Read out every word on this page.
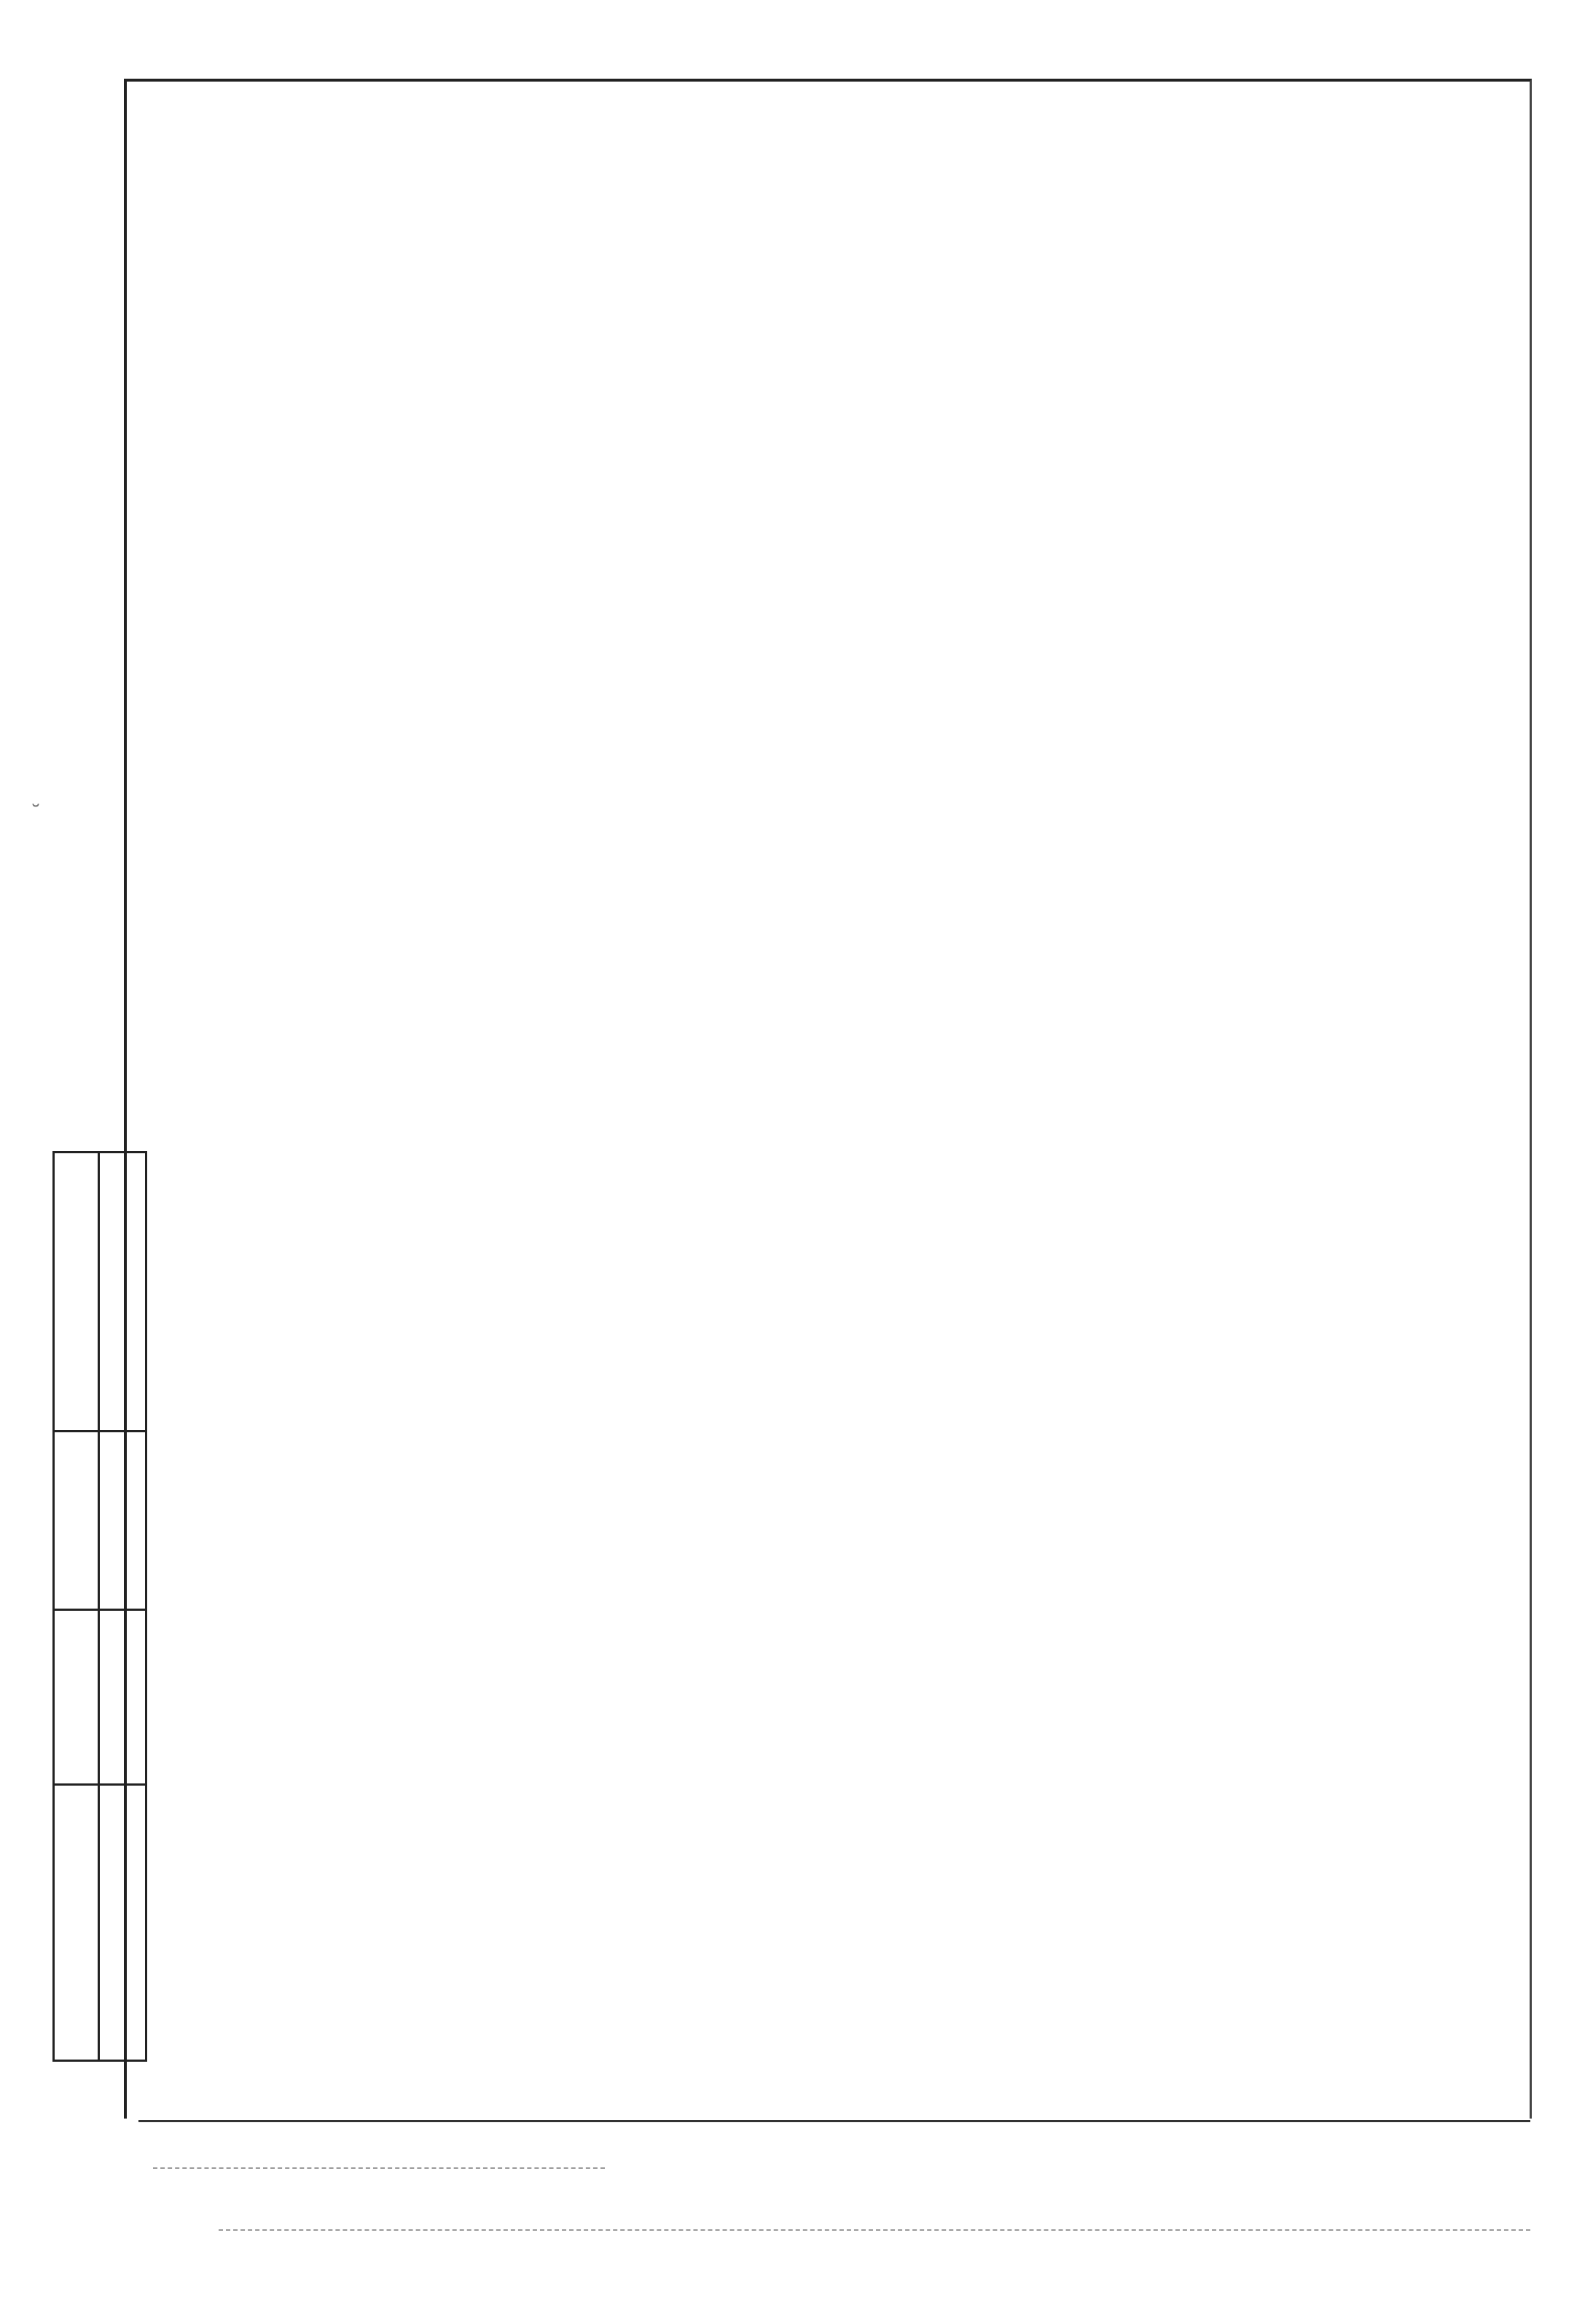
˘
